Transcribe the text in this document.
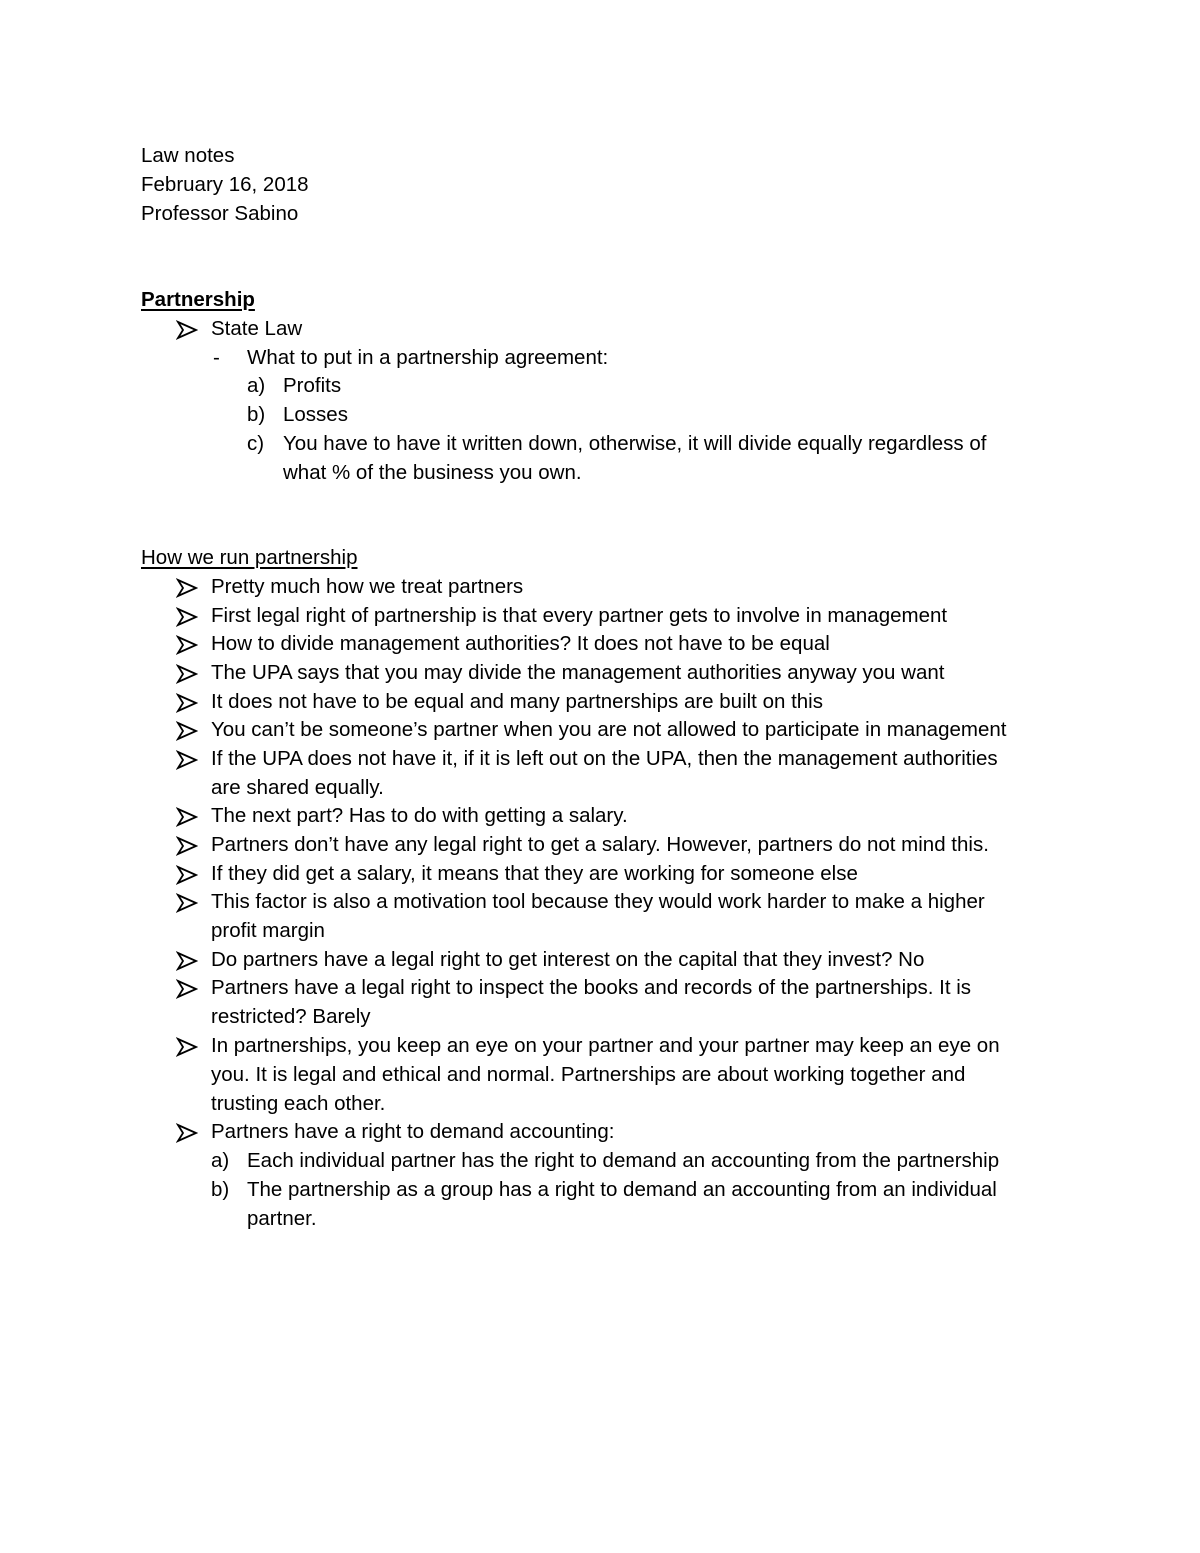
Law notes
February 16, 2018
Professor Sabino
Partnership
State Law
- What to put in a partnership agreement:
a) Profits
b) Losses
c) You have to have it written down, otherwise, it will divide equally regardless of
what % of the business you own.
How we run partnership
Pretty much how we treat partners
First legal right of partnership is that every partner gets to involve in management
How to divide management authorities? It does not have to be equal
The UPA says that you may divide the management authorities anyway you want
It does not have to be equal and many partnerships are built on this
You can’t be someone’s partner when you are not allowed to participate in management
If the UPA does not have it, if it is left out on the UPA, then the management authorities
are shared equally.
The next part? Has to do with getting a salary.
Partners don’t have any legal right to get a salary. However, partners do not mind this.
If they did get a salary, it means that they are working for someone else
This factor is also a motivation tool because they would work harder to make a higher
profit margin
Do partners have a legal right to get interest on the capital that they invest? No
Partners have a legal right to inspect the books and records of the partnerships. It is
restricted? Barely
In partnerships, you keep an eye on your partner and your partner may keep an eye on
you. It is legal and ethical and normal. Partnerships are about working together and
trusting each other.
Partners have a right to demand accounting:
a) Each individual partner has the right to demand an accounting from the partnership
b) The partnership as a group has a right to demand an accounting from an individual
partner.
